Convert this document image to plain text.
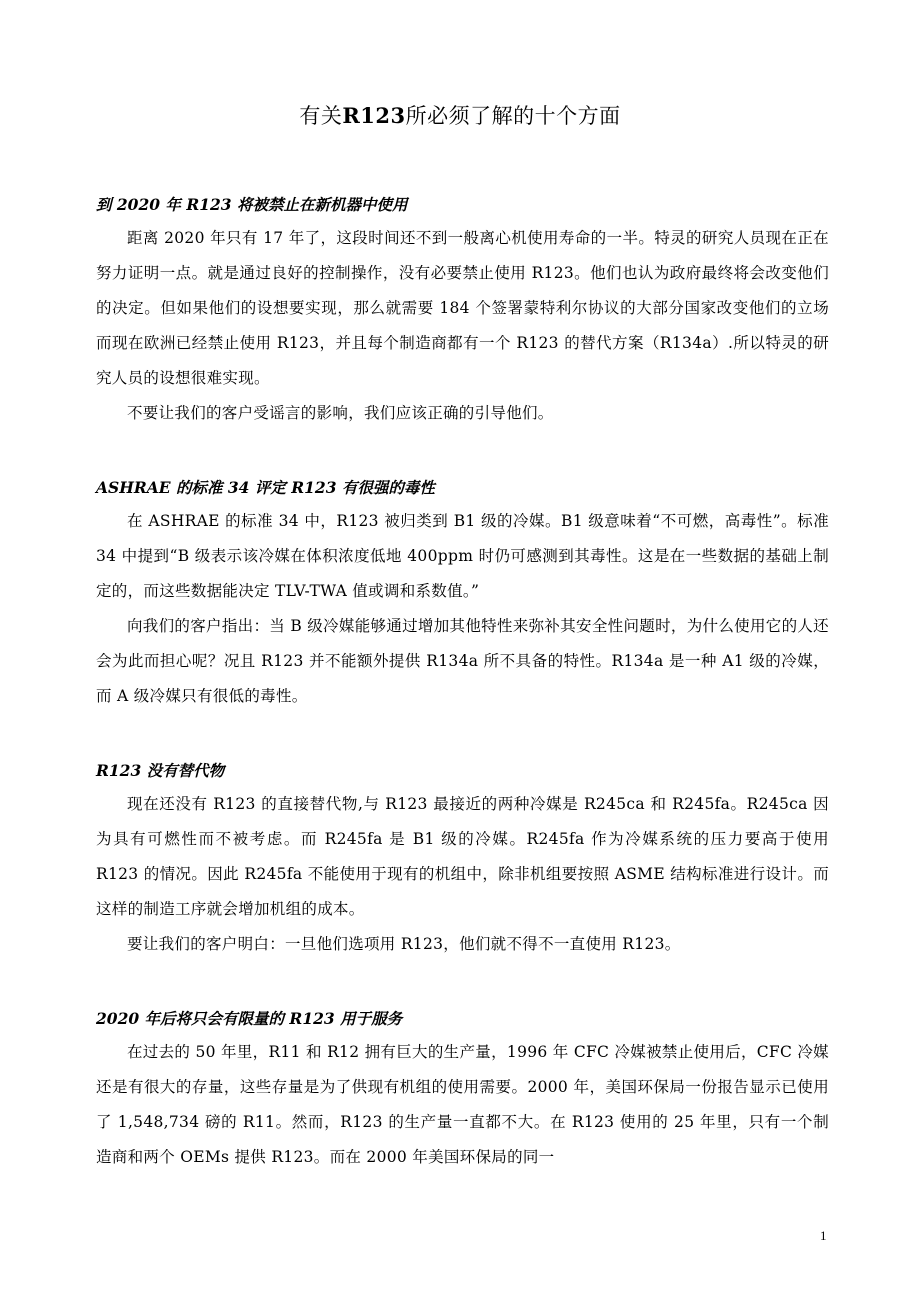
有关R123所必须了解的十个方面

到 2020 年 R123 将被禁止在新机器中使用

距离 2020 年只有 17 年了，这段时间还不到一般离心机使用寿命的一半。特灵的研究人员现在正在努力证明一点。就是通过良好的控制操作，没有必要禁止使用 R123。他们也认为政府最终将会改变他们的决定。但如果他们的设想要实现，那么就需要 184 个签署蒙特利尔协议的大部分国家改变他们的立场而现在欧洲已经禁止使用 R123，并且每个制造商都有一个 R123 的替代方案（R134a）.所以特灵的研究人员的设想很难实现。

不要让我们的客户受谣言的影响，我们应该正确的引导他们。

ASHRAE 的标准 34 评定 R123 有很强的毒性

在 ASHRAE 的标准 34 中，R123 被归类到 B1 级的冷媒。B1 级意味着“不可燃，高毒性”。标准 34 中提到“B 级表示该冷媒在体积浓度低地 400ppm 时仍可感测到其毒性。这是在一些数据的基础上制定的，而这些数据能决定 TLV-TWA 值或调和系数值。”

向我们的客户指出：当 B 级冷媒能够通过增加其他特性来弥补其安全性问题时，为什么使用它的人还会为此而担心呢？况且 R123 并不能额外提供 R134a 所不具备的特性。R134a 是一种 A1 级的冷媒，而 A 级冷媒只有很低的毒性。

R123 没有替代物

现在还没有 R123 的直接替代物,与 R123 最接近的两种冷媒是 R245ca 和 R245fa。R245ca 因为具有可燃性而不被考虑。而 R245fa 是 B1 级的冷媒。R245fa 作为冷媒系统的压力要高于使用 R123 的情况。因此 R245fa 不能使用于现有的机组中，除非机组要按照 ASME 结构标准进行设计。而这样的制造工序就会增加机组的成本。

要让我们的客户明白：一旦他们选项用 R123，他们就不得不一直使用 R123。

2020 年后将只会有限量的 R123 用于服务

在过去的 50 年里，R11 和 R12 拥有巨大的生产量，1996 年 CFC 冷媒被禁止使用后，CFC 冷媒还是有很大的存量，这些存量是为了供现有机组的使用需要。2000 年，美国环保局一份报告显示已使用了 1,548,734 磅的 R11。然而，R123 的生产量一直都不大。在 R123 使用的 25 年里，只有一个制造商和两个 OEMs 提供 R123。而在 2000 年美国环保局的同一

1
